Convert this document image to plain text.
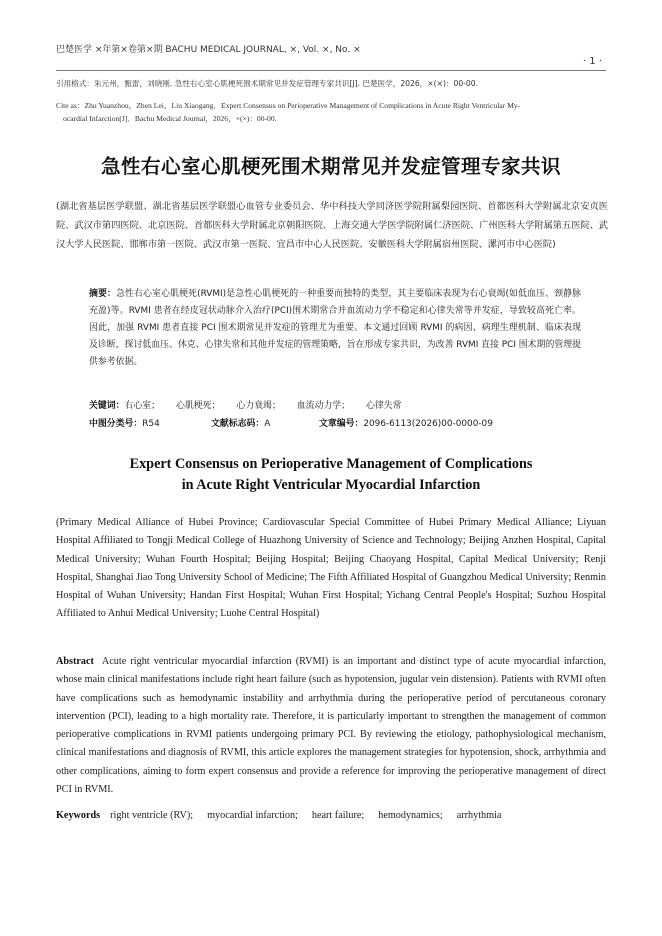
巴楚医学 ×年第×卷第×期 BACHU MEDICAL JOURNAL, ×, Vol. ×, No. ×
· 1 ·
引用格式：朱元州，甄雷，刘晓刚. 急性右心室心肌梗死围术期常见并发症管理专家共识[J]. 巴楚医学，2026，×(×)：00-00.
Cite as：Zhu Yuanzhou，Zhen Lei，Liu Xiaogang．Expert Consensus on Perioperative Management of Complications in Acute Right Ventricular My-
ocardial Infarction[J]．Bachu Medical Journal，2026，×(×)：00-00.
急性右心室心肌梗死围术期常见并发症管理专家共识
(湖北省基层医学联盟、湖北省基层医学联盟心血管专业委员会、华中科技大学同济医学院附属梨园医院、首都医科大学附属北京安贞医院、武汉市第四医院、北京医院、首都医科大学附属北京朝阳医院、上海交通大学医学院附属仁济医院、广州医科大学附属第五医院、武汉大学人民医院、邯郸市第一医院、武汉市第一医院、宜昌市中心人民医院、安徽医科大学附属宿州医院、漯河市中心医院)
摘要：急性右心室心肌梗死(RVMI)是急性心肌梗死的一种重要而独特的类型，其主要临床表现为右心衰竭(如低血压、颈静脉充盈)等。RVMI 患者在经皮冠状动脉介入治疗(PCI)围术期常合并血流动力学不稳定和心律失常等并发症，导致较高死亡率。因此，加强 RVMI 患者直接 PCI 围术期常见并发症的管理尤为重要。本文通过回顾 RVMI 的病因、病理生理机制、临床表现及诊断，探讨低血压、休克、心律失常和其他并发症的管理策略，旨在形成专家共识，为改善 RVMI 直接 PCI 围术期的管理提供参考依据。
关键词：右心室； 心肌梗死； 心力衰竭； 血流动力学； 心律失常
中图分类号：R54	文献标志码：A	文章编号：2096-6113(2026)00-0000-09
Expert Consensus on Perioperative Management of Complications
in Acute Right Ventricular Myocardial Infarction
(Primary Medical Alliance of Hubei Province; Cardiovascular Special Committee of Hubei Primary Medical Alliance; Liyuan Hospital Affiliated to Tongji Medical College of Huazhong University of Science and Technology; Beijing Anzhen Hospital, Capital Medical University; Wuhan Fourth Hospital; Beijing Hospital; Beijing Chaoyang Hospital, Capital Medical University; Renji Hospital, Shanghai Jiao Tong University School of Medicine; The Fifth Affiliated Hospital of Guangzhou Medical University; Renmin Hospital of Wuhan University; Handan First Hospital; Wuhan First Hospital; Yichang Central People's Hospital; Suzhou Hospital Affiliated to Anhui Medical University; Luohe Central Hospital)
Abstract Acute right ventricular myocardial infarction (RVMI) is an important and distinct type of acute myocardial infarction, whose main clinical manifestations include right heart failure (such as hypotension, jugular vein distension). Patients with RVMI often have complications such as hemodynamic instability and arrhythmia during the perioperative period of percutaneous coronary intervention (PCI), leading to a high mortality rate. Therefore, it is particularly important to strengthen the management of common perioperative complications in RVMI patients undergoing primary PCI. By reviewing the etiology, pathophysiological mechanism, clinical manifestations and diagnosis of RVMI, this article explores the management strategies for hypotension, shock, arrhythmia and other complications, aiming to form expert consensus and provide a reference for improving the perioperative management of direct PCI in RVMI.
Keywords right ventricle (RV); myocardial infarction; heart failure; hemodynamics; arrhythmia
